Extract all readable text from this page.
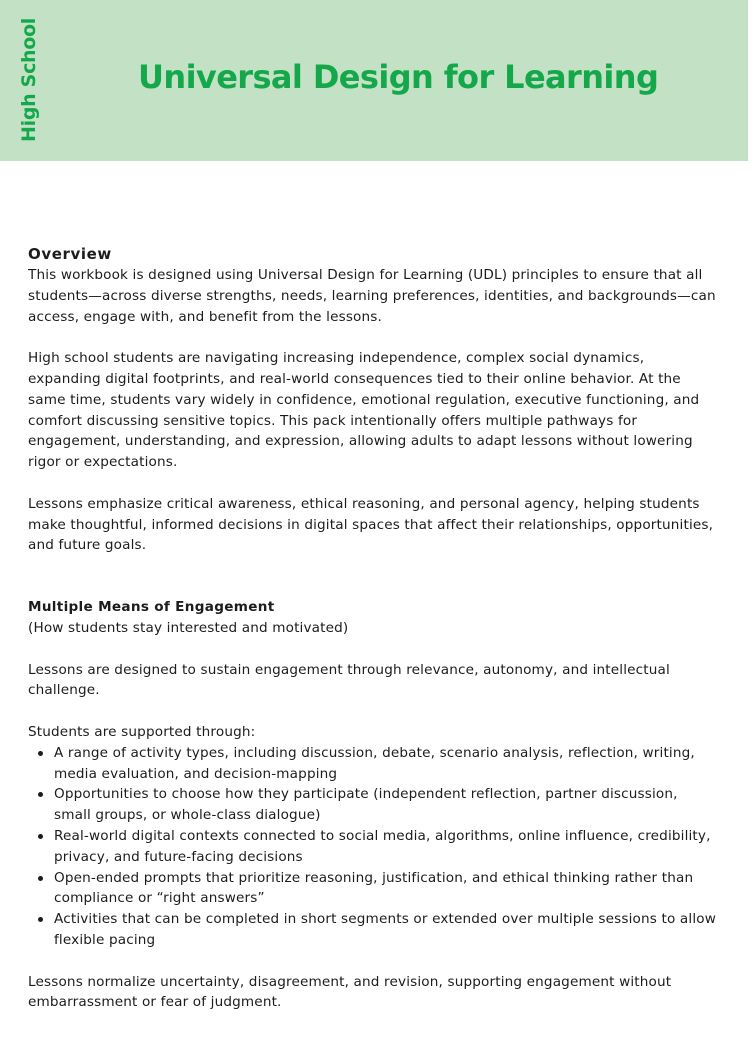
High School	Universal Design for Learning

Overview

This workbook is designed using Universal Design for Learning (UDL) principles to ensure that all students—across diverse strengths, needs, learning preferences, identities, and backgrounds—can access, engage with, and benefit from the lessons.

High school students are navigating increasing independence, complex social dynamics, expanding digital footprints, and real-world consequences tied to their online behavior. At the same time, students vary widely in confidence, emotional regulation, executive functioning, and comfort discussing sensitive topics. This pack intentionally offers multiple pathways for engagement, understanding, and expression, allowing adults to adapt lessons without lowering rigor or expectations.

Lessons emphasize critical awareness, ethical reasoning, and personal agency, helping students make thoughtful, informed decisions in digital spaces that affect their relationships, opportunities, and future goals.

Multiple Means of Engagement

(How students stay interested and motivated)

Lessons are designed to sustain engagement through relevance, autonomy, and intellectual challenge.

Students are supported through:

A range of activity types, including discussion, debate, scenario analysis, reflection, writing, media evaluation, and decision-mapping
Opportunities to choose how they participate (independent reflection, partner discussion, small groups, or whole-class dialogue)
Real-world digital contexts connected to social media, algorithms, online influence, credibility, privacy, and future-facing decisions
Open-ended prompts that prioritize reasoning, justification, and ethical thinking rather than compliance or “right answers”
Activities that can be completed in short segments or extended over multiple sessions to allow flexible pacing

Lessons normalize uncertainty, disagreement, and revision, supporting engagement without embarrassment or fear of judgment.
